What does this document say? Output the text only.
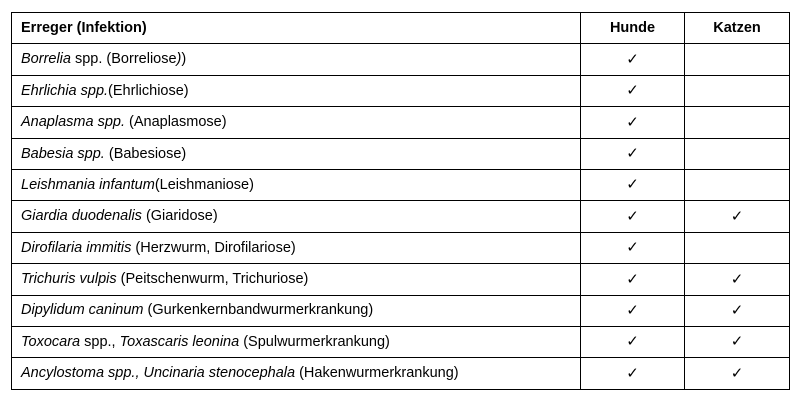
Erreger (Infektion)	Hunde	Katzen
Borrelia spp. (Borreliose))	✓	
Ehrlichia spp.(Ehrlichiose)	✓	
Anaplasma spp. (Anaplasmose)	✓	
Babesia spp. (Babesiose)	✓	
Leishmania infantum(Leishmaniose)	✓	
Giardia duodenalis (Giaridose)	✓	✓
Dirofilaria immitis (Herzwurm, Dirofilariose)	✓	
Trichuris vulpis (Peitschenwurm, Trichuriose)	✓	✓
Dipylidum caninum (Gurkenkernbandwurmerkrankung)	✓	✓
Toxocara spp., Toxascaris leonina (Spulwurmerkrankung)	✓	✓
Ancylostoma spp., Uncinaria stenocephala (Hakenwurmerkrankung)	✓	✓
